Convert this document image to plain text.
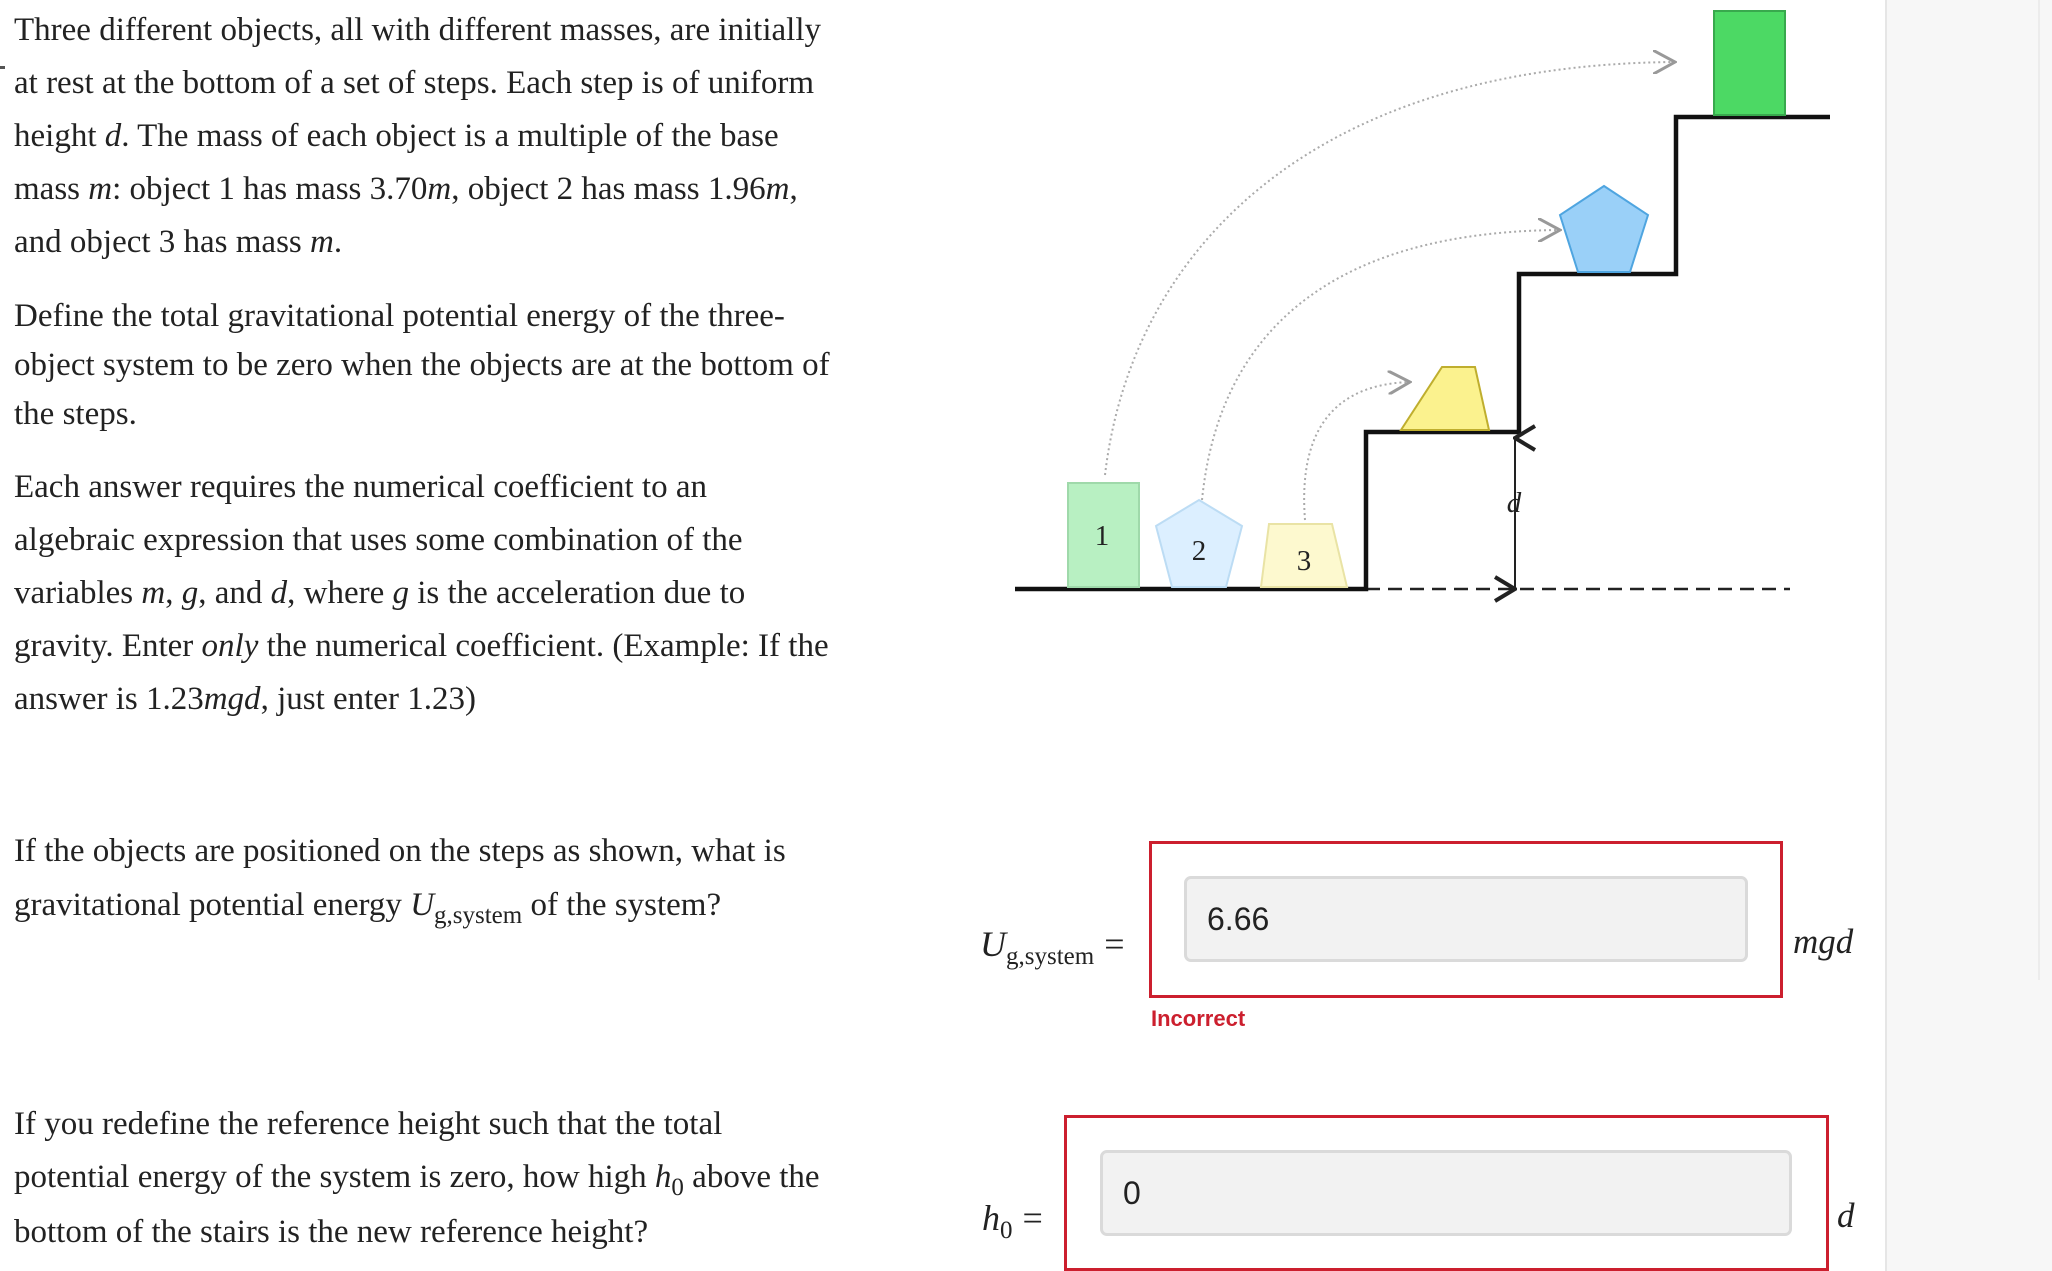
Three different objects, all with different masses, are initially

at rest at the bottom of a set of steps. Each step is of uniform

height d. The mass of each object is a multiple of the base

mass m: object 1 has mass 3.70m, object 2 has mass 1.96m,

and object 3 has mass m.

Define the total gravitational potential energy of the three-

object system to be zero when the objects are at the bottom of

the steps.

Each answer requires the numerical coefficient to an

algebraic expression that uses some combination of the

variables m, g, and d, where g is the acceleration due to

gravity. Enter only the numerical coefficient. (Example: If the

answer is 1.23mgd, just enter 1.23)

1	2	3
d

If the objects are positioned on the steps as shown, what is

gravitational potential energy $U_{g,system}$ of the system?

$U_{g,system}$ =
6.66	mgd
Incorrect

If you redefine the reference height such that the total

potential energy of the system is zero, how high $h_0$ above the

bottom of the stairs is the new reference height?	$h_0$ =
0	d
